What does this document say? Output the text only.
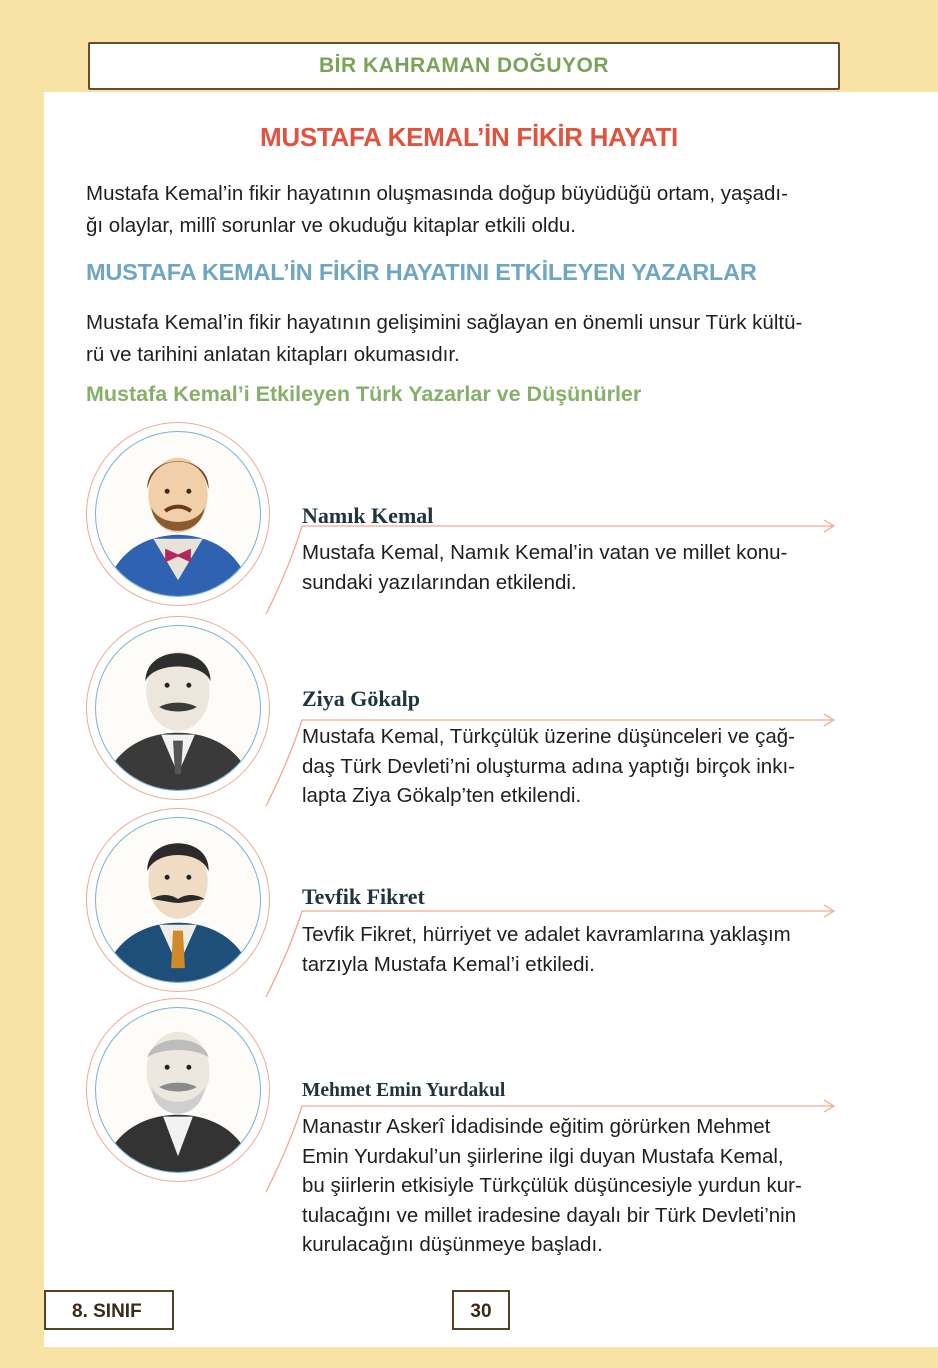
BİR KAHRAMAN DOĞUYOR
MUSTAFA KEMAL’İN FİKİR HAYATI
Mustafa Kemal’in fikir hayatının oluşmasında doğup büyüdüğü ortam, yaşadı-
ğı olaylar, millî sorunlar ve okuduğu kitaplar etkili oldu.
MUSTAFA KEMAL’İN FİKİR HAYATINI ETKİLEYEN YAZARLAR
Mustafa Kemal’in fikir hayatının gelişimini sağlayan en önemli unsur Türk kültü-
rü ve tarihini anlatan kitapları okumasıdır.
Mustafa Kemal’i Etkileyen Türk Yazarlar ve Düşünürler
Namık Kemal
Mustafa Kemal, Namık Kemal’in vatan ve millet konu-
sundaki yazılarından etkilendi.
Ziya Gökalp
Mustafa Kemal, Türkçülük üzerine düşünceleri ve çağ-
daş Türk Devleti’ni oluşturma adına yaptığı birçok inkı-
lapta Ziya Gökalp’ten etkilendi.
Tevfik Fikret
Tevfik Fikret, hürriyet ve adalet kavramlarına yaklaşım
tarzıyla Mustafa Kemal’i etkiledi.
Mehmet Emin Yurdakul
Manastır Askerî İdadisinde eğitim görürken Mehmet
Emin Yurdakul’un şiirlerine ilgi duyan Mustafa Kemal,
bu şiirlerin etkisiyle Türkçülük düşüncesiyle yurdun kur-
tulacağını ve millet iradesine dayalı bir Türk Devleti’nin
kurulacağını düşünmeye başladı.
8. SINIF	30
